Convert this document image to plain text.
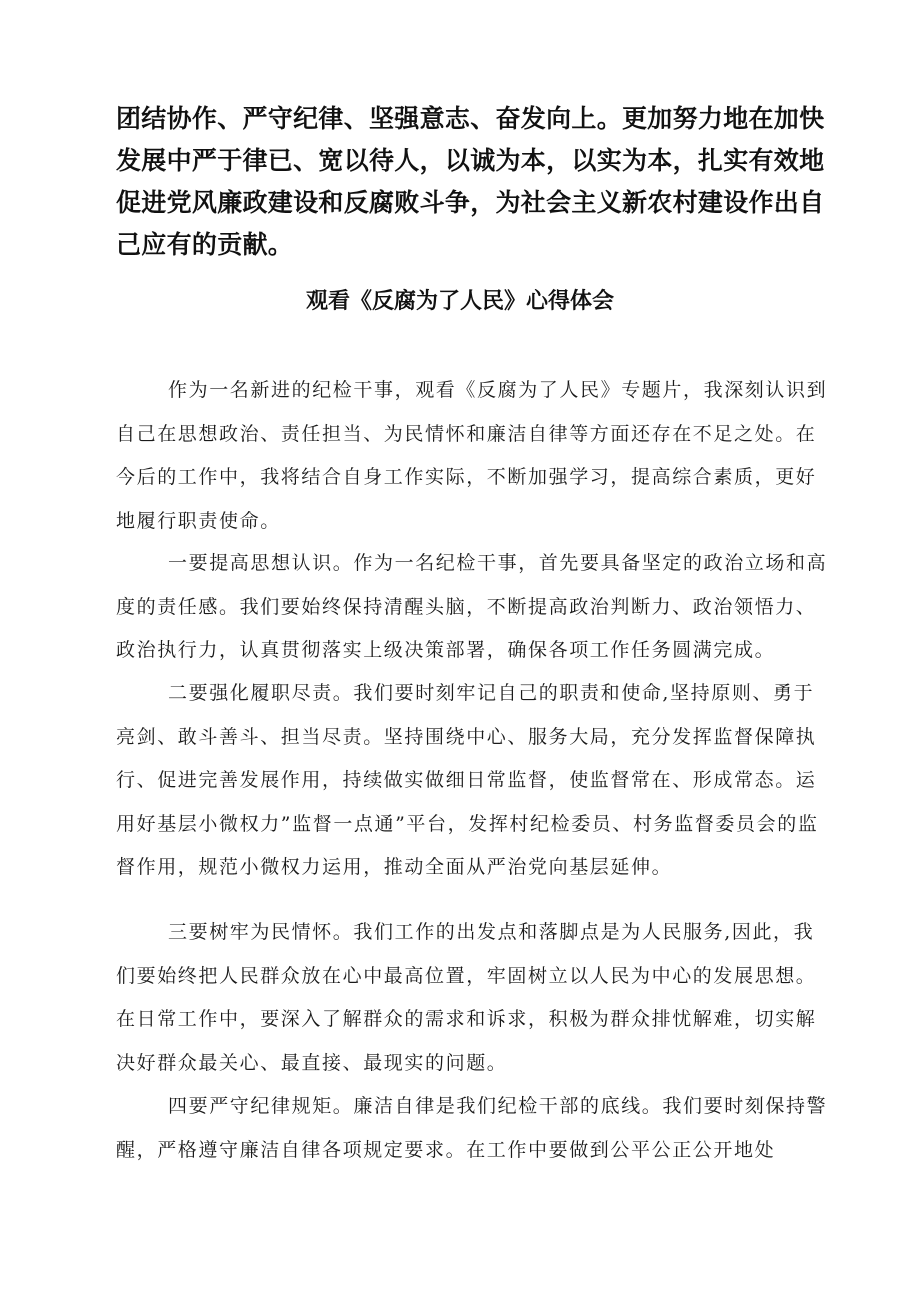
团结协作、严守纪律、坚强意志、奋发向上。更加努力地在加快发展中严于律已、宽以待人，以诚为本，以实为本，扎实有效地促进党风廉政建设和反腐败斗争，为社会主义新农村建设作出自己应有的贡献。

观看《反腐为了人民》心得体会

作为一名新进的纪检干事，观看《反腐为了人民》专题片，我深刻认识到自己在思想政治、责任担当、为民情怀和廉洁自律等方面还存在不足之处。在今后的工作中，我将结合自身工作实际，不断加强学习，提高综合素质，更好地履行职责使命。

一要提高思想认识。作为一名纪检干事，首先要具备坚定的政治立场和高度的责任感。我们要始终保持清醒头脑，不断提高政治判断力、政治领悟力、政治执行力，认真贯彻落实上级决策部署，确保各项工作任务圆满完成。

二要强化履职尽责。我们要时刻牢记自己的职责和使命,坚持原则、勇于亮剑、敢斗善斗、担当尽责。坚持围绕中心、服务大局，充分发挥监督保障执行、促进完善发展作用，持续做实做细日常监督，使监督常在、形成常态。运用好基层小微权力”监督一点通”平台，发挥村纪检委员、村务监督委员会的监督作用，规范小微权力运用，推动全面从严治党向基层延伸。

三要树牢为民情怀。我们工作的出发点和落脚点是为人民服务,因此，我们要始终把人民群众放在心中最高位置，牢固树立以人民为中心的发展思想。在日常工作中，要深入了解群众的需求和诉求，积极为群众排忧解难，切实解决好群众最关心、最直接、最现实的问题。

四要严守纪律规矩。廉洁自律是我们纪检干部的底线。我们要时刻保持警醒，严格遵守廉洁自律各项规定要求。在工作中要做到公平公正公开地处
